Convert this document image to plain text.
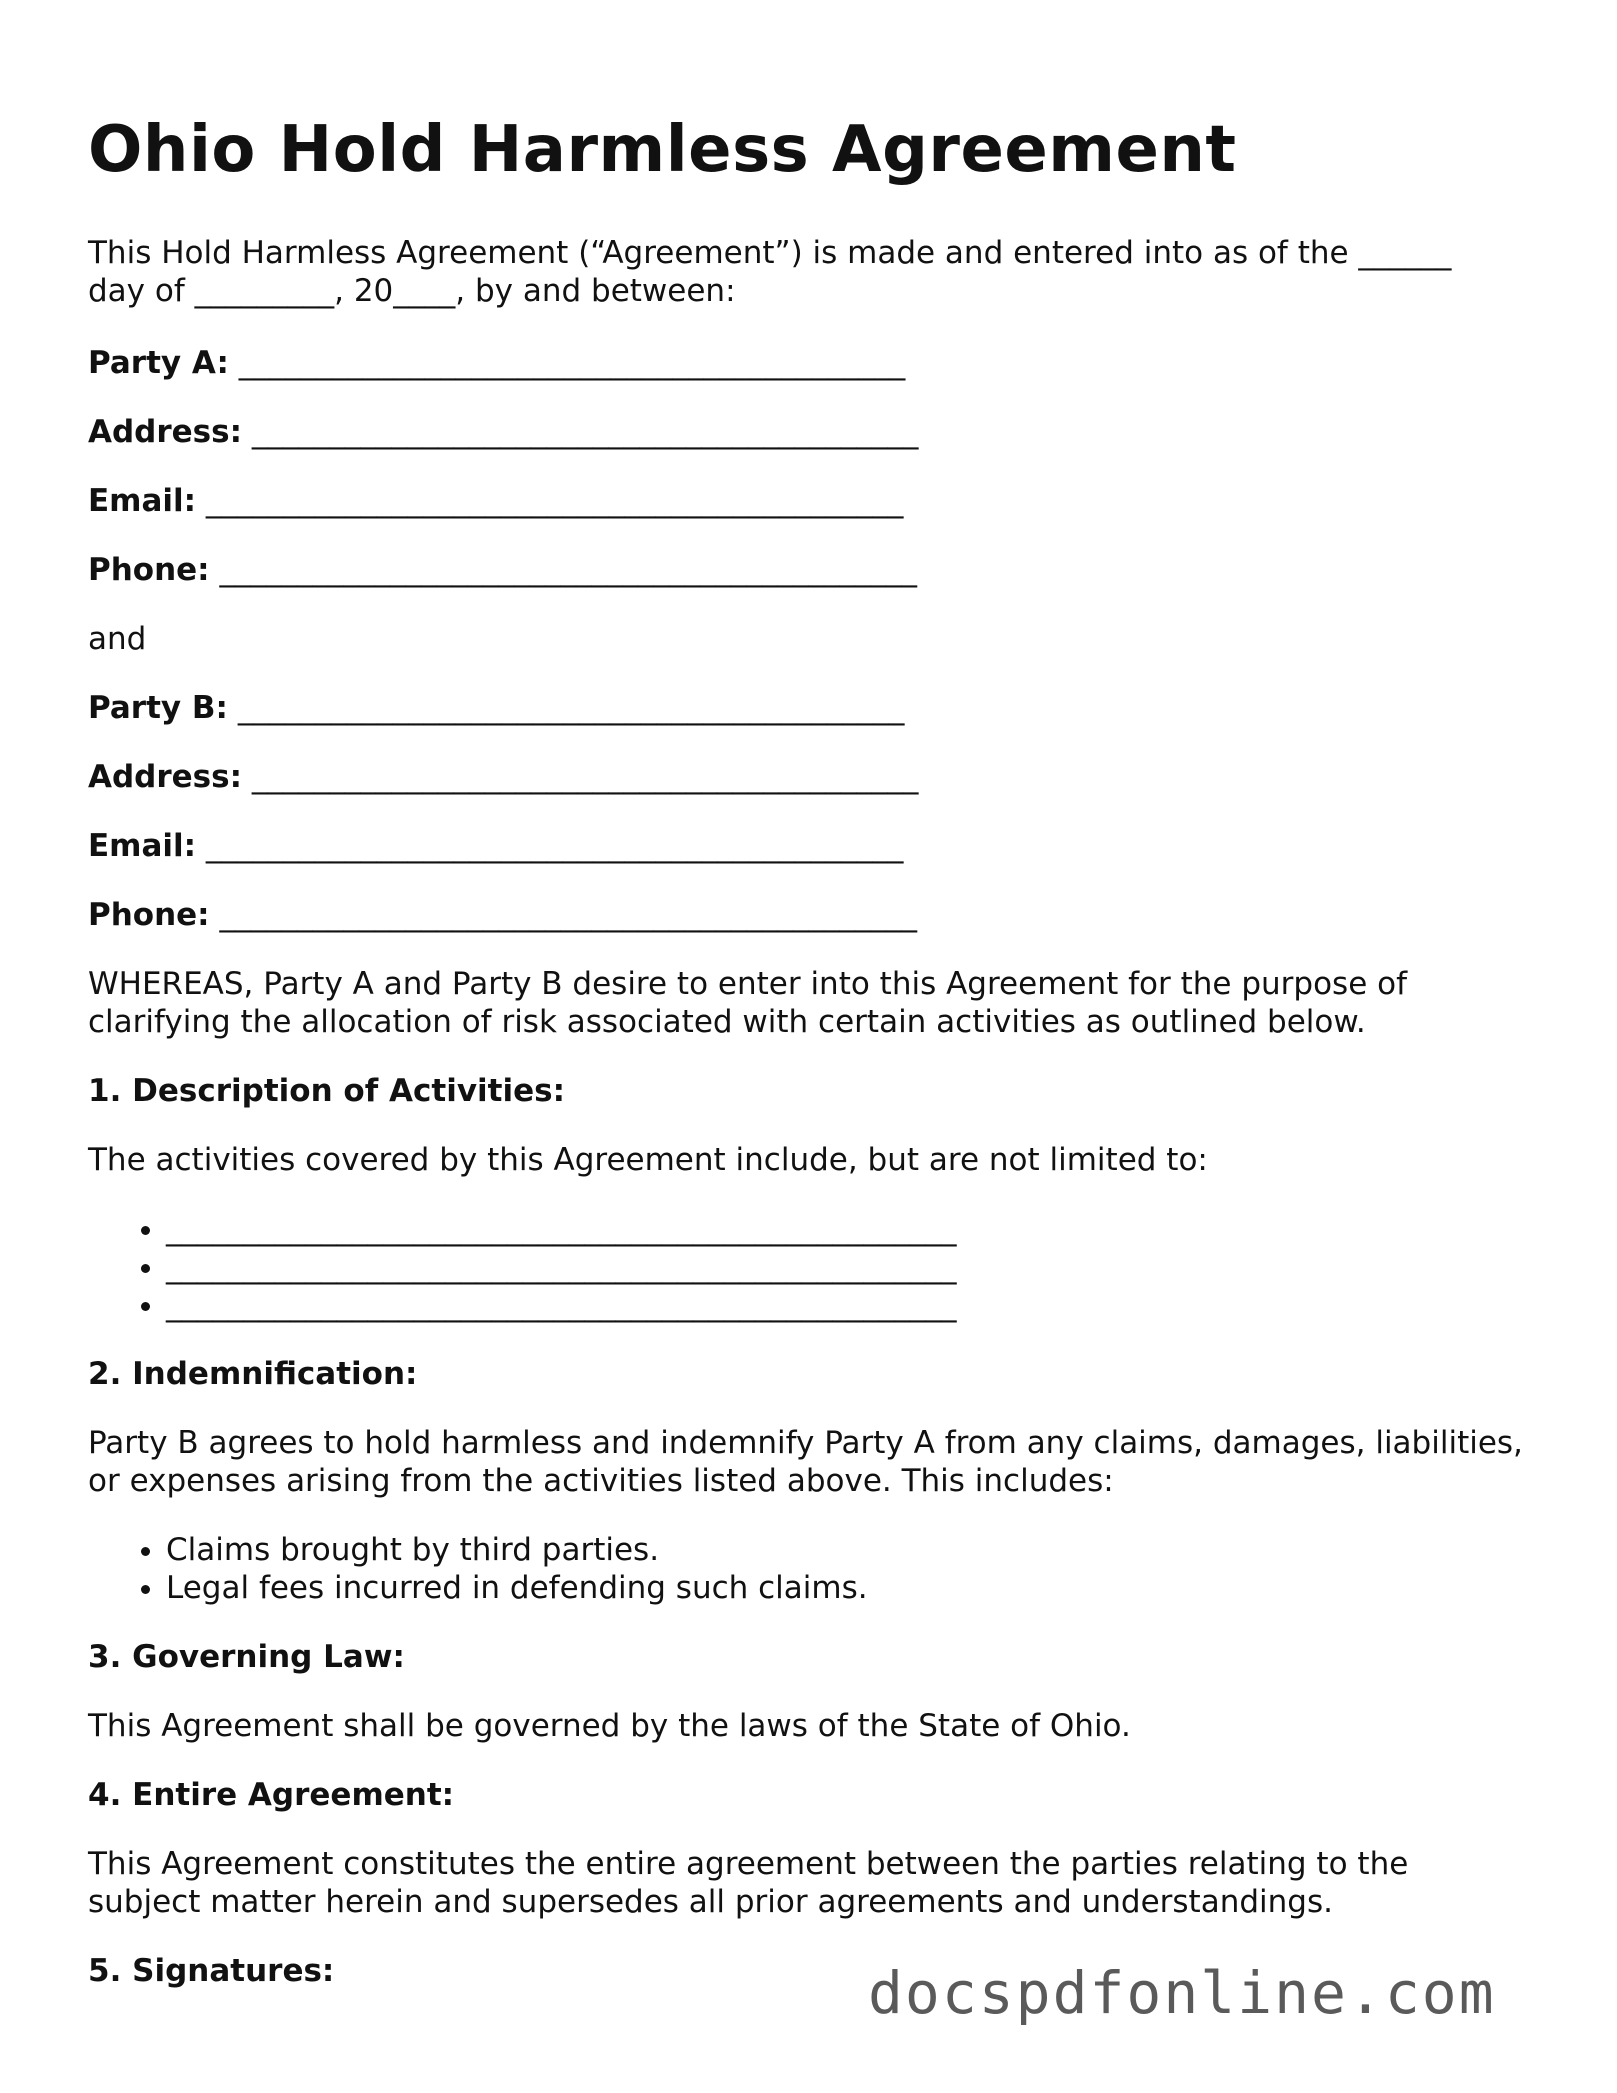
Ohio Hold Harmless Agreement

This Hold Harmless Agreement (“Agreement”) is made and entered into as of the ______
day of _________, 20____, by and between:

Party A: ___________________________________________
Address: ___________________________________________
Email: _____________________________________________
Phone: _____________________________________________
and
Party B: ___________________________________________
Address: ___________________________________________
Email: _____________________________________________
Phone: _____________________________________________

WHEREAS, Party A and Party B desire to enter into this Agreement for the purpose of clarifying the allocation of risk associated with certain activities as outlined below.

1. Description of Activities:

The activities covered by this Agreement include, but are not limited to:

• ___________________________________________________
• ___________________________________________________
• ___________________________________________________
2. Indemnification:

Party B agrees to hold harmless and indemnify Party A from any claims, damages, liabilities, or expenses arising from the activities listed above. This includes:

• Claims brought by third parties.
• Legal fees incurred in defending such claims.
3. Governing Law:

This Agreement shall be governed by the laws of the State of Ohio.

4. Entire Agreement:

This Agreement constitutes the entire agreement between the parties relating to the subject matter herein and supersedes all prior agreements and understandings.

5. Signatures:	docspdfonline.com
